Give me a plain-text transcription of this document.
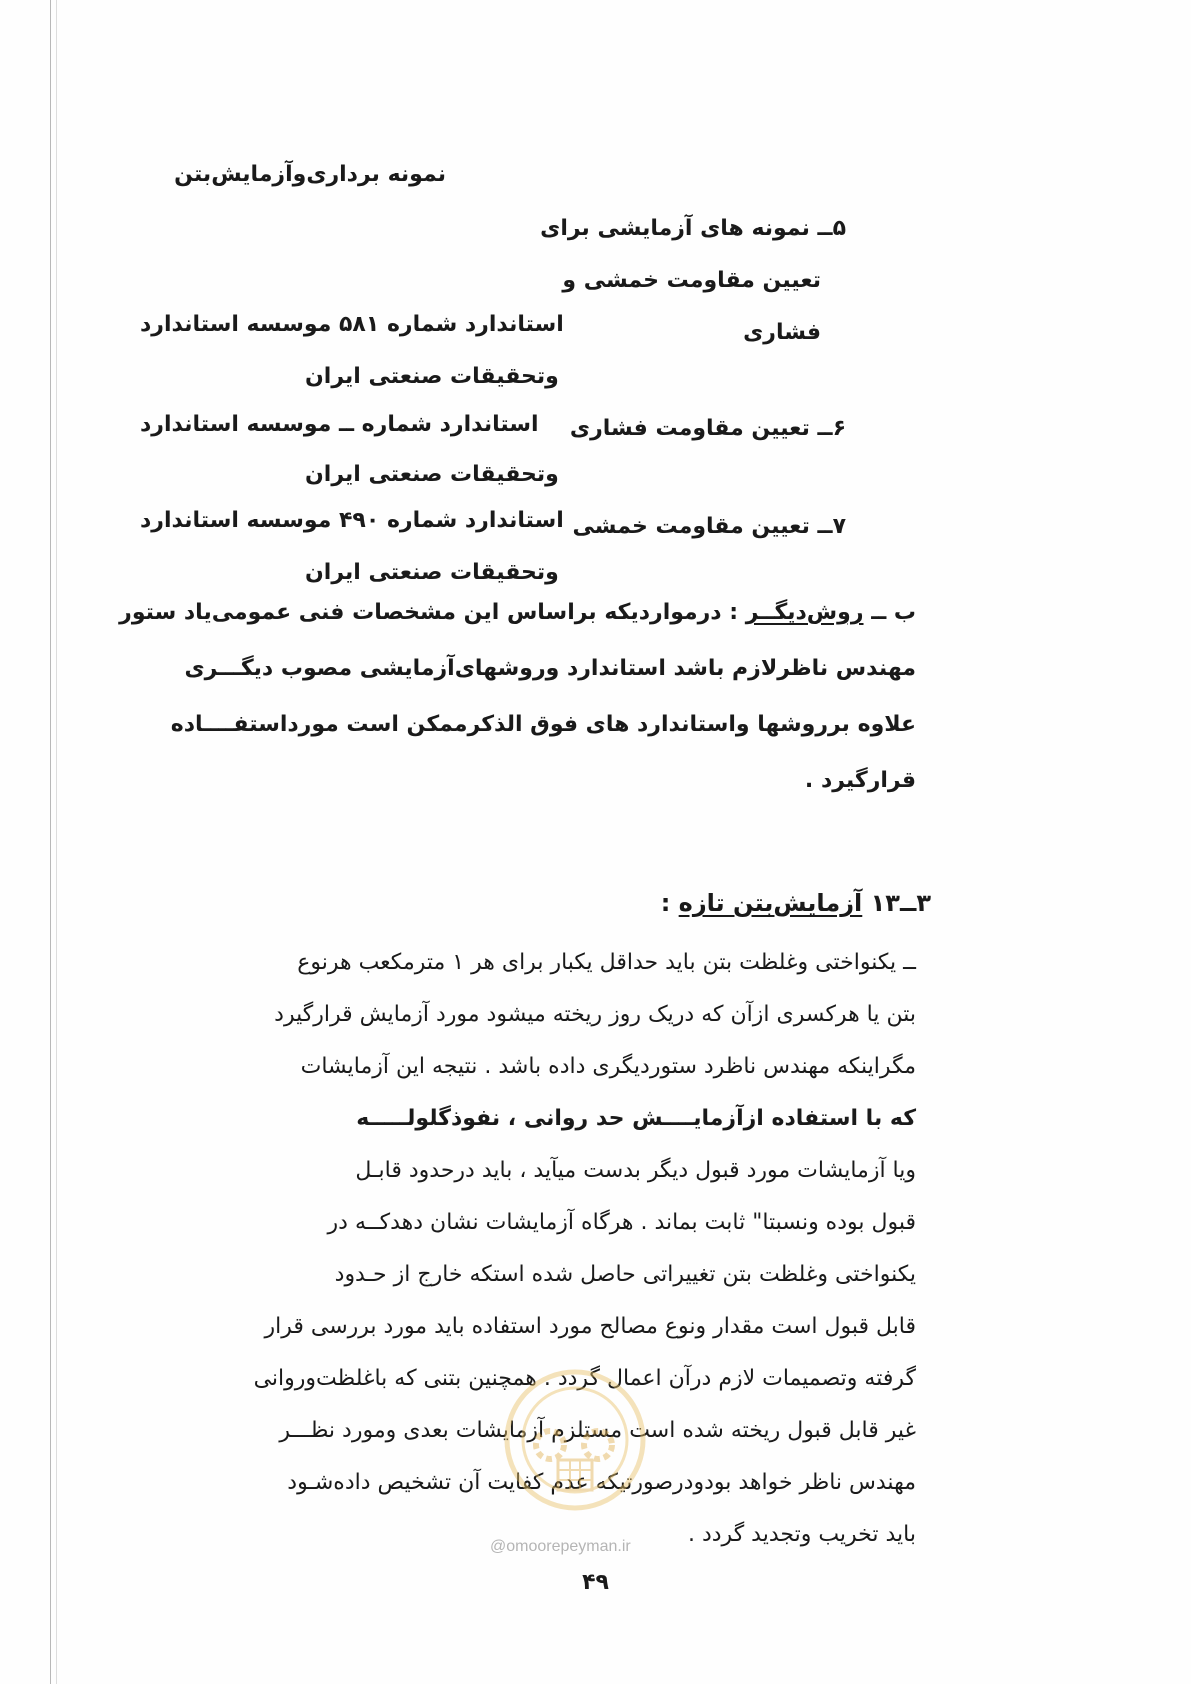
نمونه برداری‌وآزمایش‌بتن
۵ــ نمونه های آزمایشی برای
تعیین مقاومت خمشی و
فشاری
استاندارد شماره ۵۸۱ موسسه استاندارد
وتحقیقات صنعتی ایران
۶ــ تعیین مقاومت فشاری
استاندارد شماره ــ موسسه استاندارد
وتحقیقات صنعتی ایران
۷ــ تعیین مقاومت خمشی
استاندارد شماره ۴۹۰ موسسه استاندارد
وتحقیقات صنعتی ایران
ب ــ روش‌دیگــر : درمواردیکه براساس این مشخصات فنی عمومی‌یاد ستور
مهندس ناظرلازم باشد استاندارد وروشهای‌آزمایشی مصوب دیگـــری
علاوه برروشها واستاندارد های فوق الذکرممکن است مورداستفــــاده
قرارگیرد .
۳ــ۱۳ آزمایش‌بتن تازه :
ــ یکنواختی وغلظت بتن باید حداقل یکبار برای هر ۱ مترمکعب هرنوع
بتن یا هرکسری ازآن که دریک روز ریخته میشود مورد آزمایش قرارگیرد
مگراینکه مهندس ناظرد ستوردیگری داده باشد . نتیجه این آزمایشات
که با استفاده ازآزمایــــش حد روانی ، نفوذگلولـــــه
ویا آزمایشات مورد قبول دیگر بدست میآید ، باید درحدود قابـل
قبول بوده ونسبتا" ثابت بماند . هرگاه آزمایشات نشان دهدکــه در
یکنواختی وغلظت بتن تغییراتی حاصل شده استکه خارج از حـدود
قابل قبول است مقدار ونوع مصالح مورد استفاده باید مورد بررسی قرار
گرفته وتصمیمات لازم درآن اعمال گردد . همچنین بتنی که باغلظت‌وروانی
غیر قابل قبول ریخته شده است مستلزم آزمایشات بعدی ومورد نظـــر
مهندس ناظر خواهد بودودرصورتیکه عدم کفایت آن تشخیص داده‌شـود
باید تخریب وتجدید گردد .
@omoorepeyman.ir
۴۹
